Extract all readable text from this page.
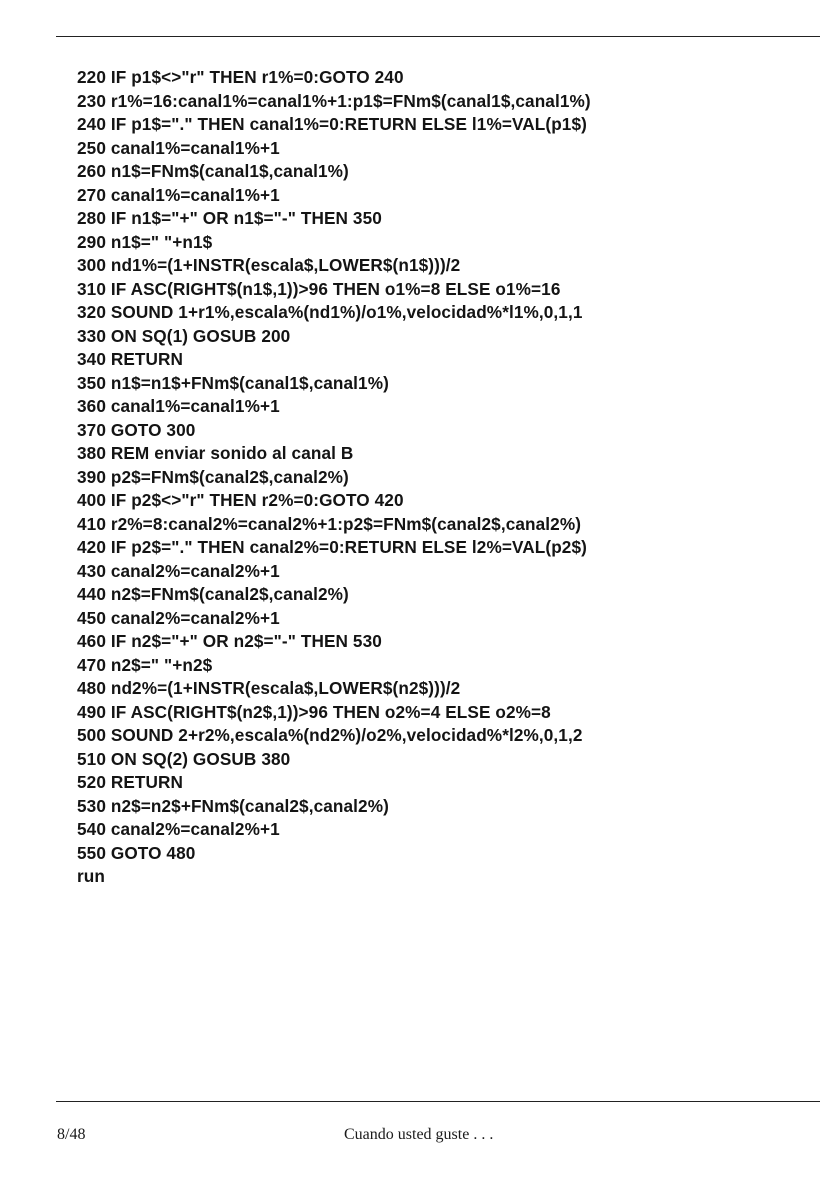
220 IF p1$<>"r" THEN r1%=0:GOTO 240
230 r1%=16:canal1%=canal1%+1:p1$=FNm$(canal1$,canal1%)
240 IF p1$="." THEN canal1%=0:RETURN ELSE l1%=VAL(p1$)
250 canal1%=canal1%+1
260 n1$=FNm$(canal1$,canal1%)
270 canal1%=canal1%+1
280 IF n1$="+" OR n1$="-" THEN 350
290 n1$=" "+n1$
300 nd1%=(1+INSTR(escala$,LOWER$(n1$)))/2
310 IF ASC(RIGHT$(n1$,1))>96 THEN o1%=8 ELSE o1%=16
320 SOUND 1+r1%,escala%(nd1%)/o1%,velocidad%*l1%,0,1,1
330 ON SQ(1) GOSUB 200
340 RETURN
350 n1$=n1$+FNm$(canal1$,canal1%)
360 canal1%=canal1%+1
370 GOTO 300
380 REM enviar sonido al canal B
390 p2$=FNm$(canal2$,canal2%)
400 IF p2$<>"r" THEN r2%=0:GOTO 420
410 r2%=8:canal2%=canal2%+1:p2$=FNm$(canal2$,canal2%)
420 IF p2$="." THEN canal2%=0:RETURN ELSE l2%=VAL(p2$)
430 canal2%=canal2%+1
440 n2$=FNm$(canal2$,canal2%)
450 canal2%=canal2%+1
460 IF n2$="+" OR n2$="-" THEN 530
470 n2$=" "+n2$
480 nd2%=(1+INSTR(escala$,LOWER$(n2$)))/2
490 IF ASC(RIGHT$(n2$,1))>96 THEN o2%=4 ELSE o2%=8
500 SOUND 2+r2%,escala%(nd2%)/o2%,velocidad%*l2%,0,1,2
510 ON SQ(2) GOSUB 380
520 RETURN
530 n2$=n2$+FNm$(canal2$,canal2%)
540 canal2%=canal2%+1
550 GOTO 480
run
8/48	Cuando usted guste . . .
